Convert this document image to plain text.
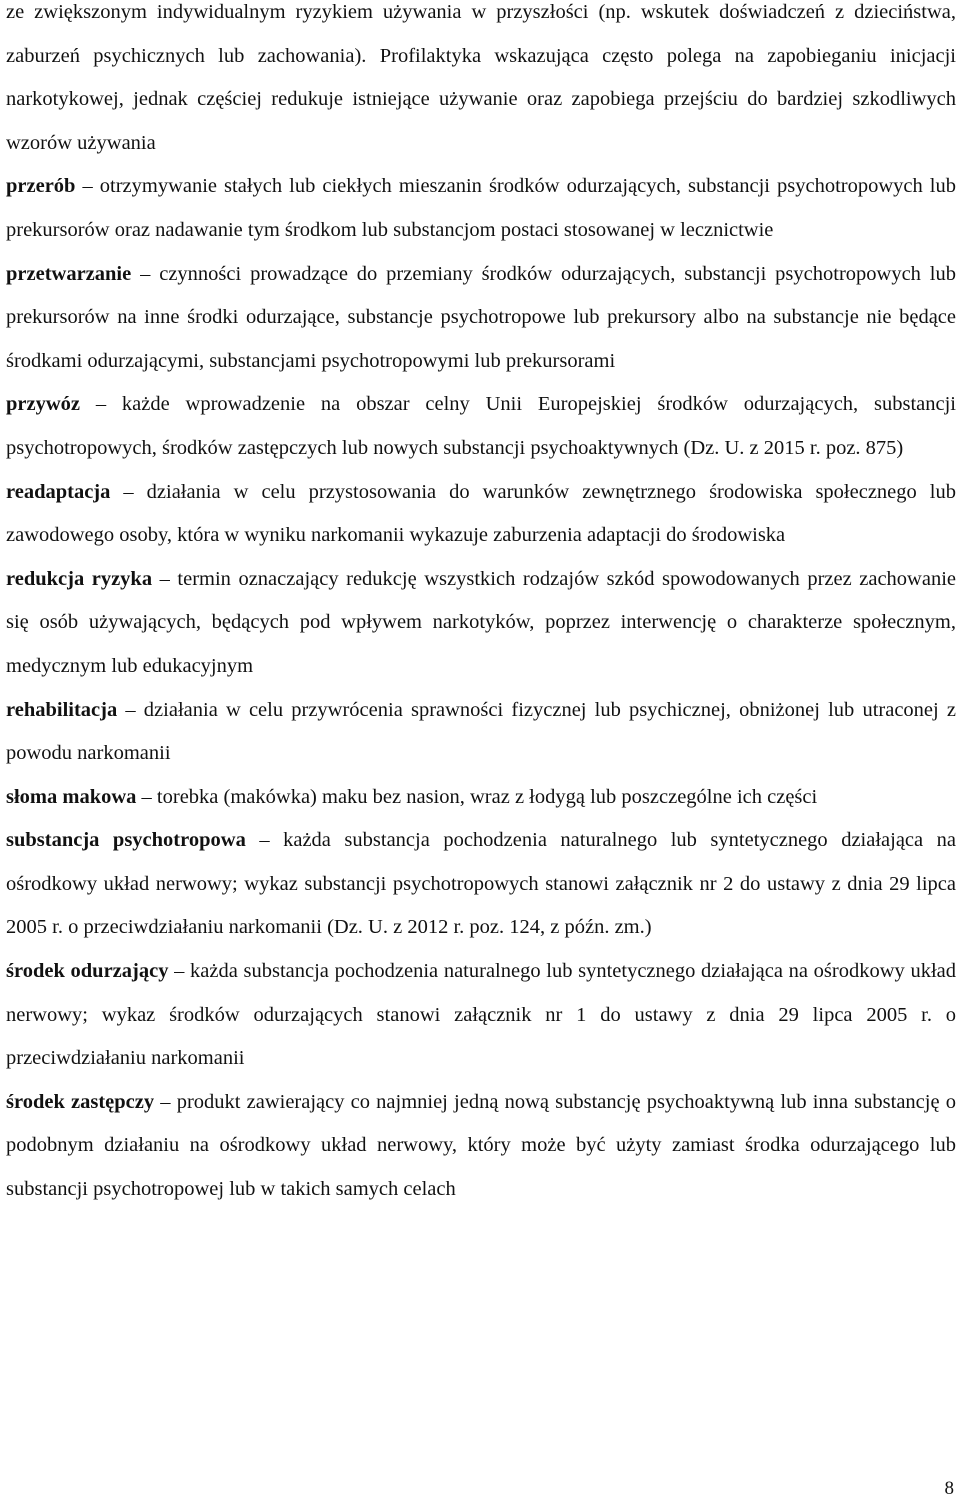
ze zwiększonym indywidualnym ryzykiem używania w przyszłości (np. wskutek doświadczeń z dzieciństwa, zaburzeń psychicznych lub zachowania). Profilaktyka wskazująca często polega na zapobieganiu inicjacji narkotykowej, jednak częściej redukuje istniejące używanie oraz zapobiega przejściu do bardziej szkodliwych wzorów używania

przerób – otrzymywanie stałych lub ciekłych mieszanin środków odurzających, substancji psychotropowych lub prekursorów oraz nadawanie tym środkom lub substancjom postaci stosowanej w lecznictwie

przetwarzanie – czynności prowadzące do przemiany środków odurzających, substancji psychotropowych lub prekursorów na inne środki odurzające, substancje psychotropowe lub prekursory albo na substancje nie będące środkami odurzającymi, substancjami psychotropowymi lub prekursorami

przywóz – każde wprowadzenie na obszar celny Unii Europejskiej środków odurzających, substancji psychotropowych, środków zastępczych lub nowych substancji psychoaktywnych (Dz. U. z 2015 r. poz. 875)

readaptacja – działania w celu przystosowania do warunków zewnętrznego środowiska społecznego lub zawodowego osoby, która w wyniku narkomanii wykazuje zaburzenia adaptacji do środowiska

redukcja ryzyka – termin oznaczający redukcję wszystkich rodzajów szkód spowodowanych przez zachowanie się osób używających, będących pod wpływem narkotyków, poprzez interwencję o charakterze społecznym, medycznym lub edukacyjnym

rehabilitacja – działania w celu przywrócenia sprawności fizycznej lub psychicznej, obniżonej lub utraconej z powodu narkomanii

słoma makowa – torebka (makówka) maku bez nasion, wraz z łodygą lub poszczególne ich części

substancja psychotropowa – każda substancja pochodzenia naturalnego lub syntetycznego działająca na ośrodkowy układ nerwowy; wykaz substancji psychotropowych stanowi załącznik nr 2 do ustawy z dnia 29 lipca 2005 r. o przeciwdziałaniu narkomanii (Dz. U. z 2012 r. poz. 124, z późn. zm.)

środek odurzający – każda substancja pochodzenia naturalnego lub syntetycznego działająca na ośrodkowy układ nerwowy; wykaz środków odurzających stanowi załącznik nr 1 do ustawy z dnia 29 lipca 2005 r. o przeciwdziałaniu narkomanii

środek zastępczy – produkt zawierający co najmniej jedną nową substancję psychoaktywną lub inna substancję o podobnym działaniu na ośrodkowy układ nerwowy, który może być użyty zamiast środka odurzającego lub substancji psychotropowej lub w takich samych celach

8
